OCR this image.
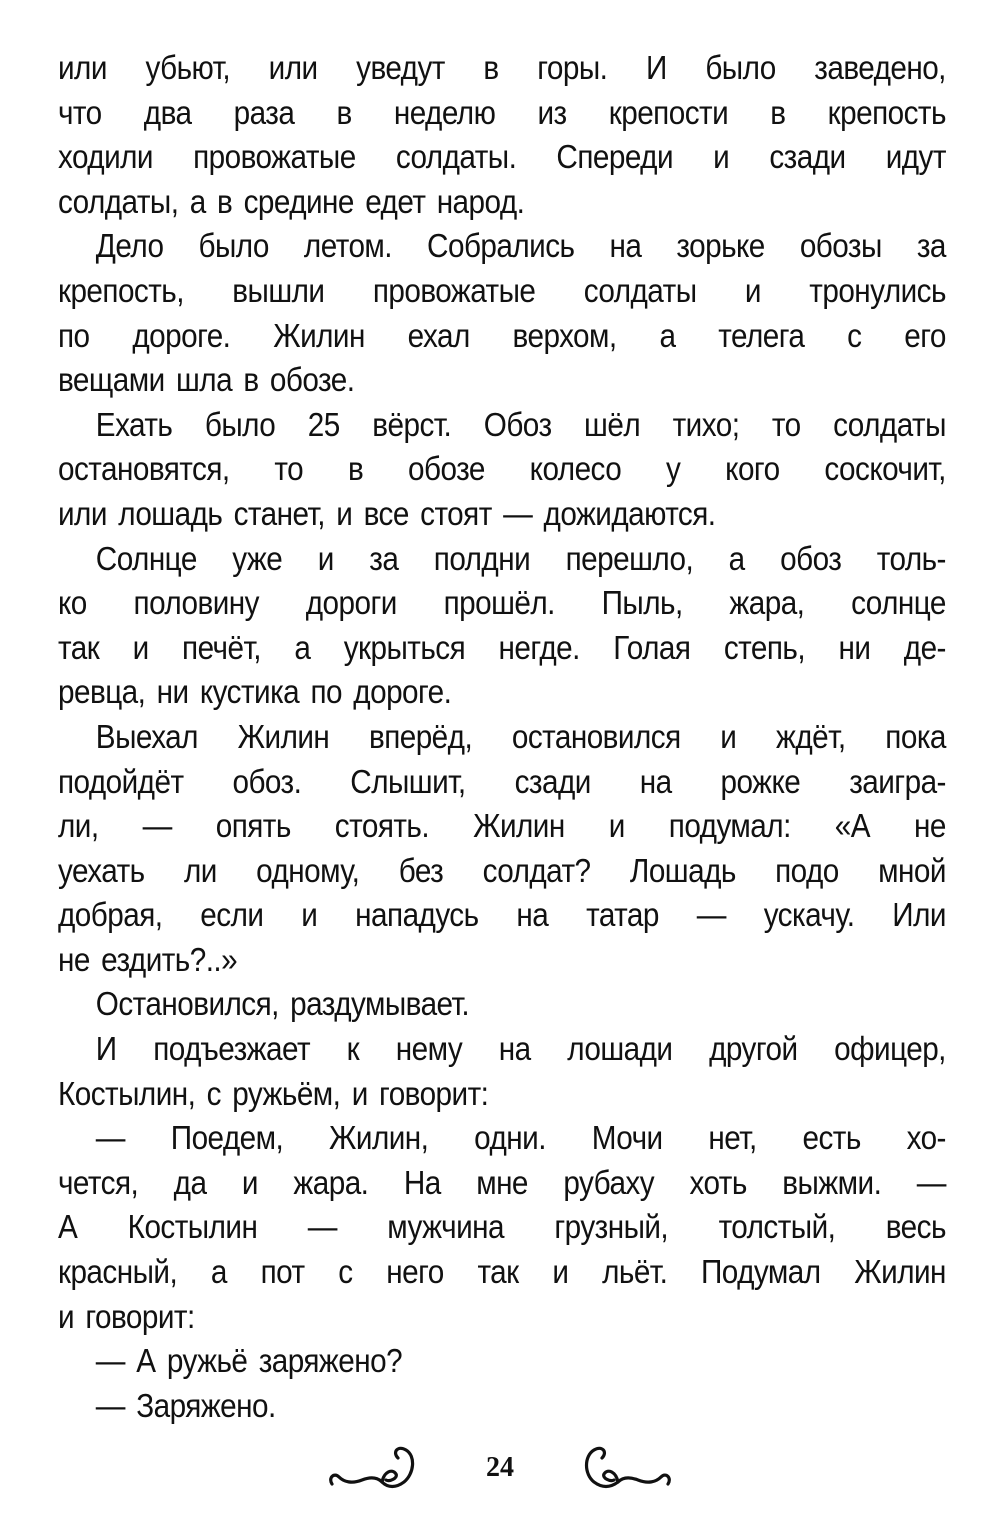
или убьют, или уведут в горы. И было заведено,
что два раза в неделю из крепости в крепость
ходили провожатые солдаты. Спереди и сзади идут
солдаты, а в средине едет народ.
Дело было летом. Собрались на зорьке обозы за
крепость, вышли провожатые солдаты и тронулись
по дороге. Жилин ехал верхом, а телега с его
вещами шла в обозе.
Ехать было 25 вёрст. Обоз шёл тихо; то солдаты
остановятся, то в обозе колесо у кого соскочит,
или лошадь станет, и все стоят — дожидаются.
Солнце уже и за полдни перешло, а обоз толь-
ко половину дороги прошёл. Пыль, жара, солнце
так и печёт, а укрыться негде. Голая степь, ни де-
ревца, ни кустика по дороге.
Выехал Жилин вперёд, остановился и ждёт, пока
подойдёт обоз. Слышит, сзади на рожке заигра-
ли, — опять стоять. Жилин и подумал: «А не
уехать ли одному, без солдат? Лошадь подо мной
добрая, если и нападусь на татар — ускачу. Или
не ездить?..»
Остановился, раздумывает.
И подъезжает к нему на лошади другой офицер,
Костылин, с ружьём, и говорит:
— Поедем, Жилин, одни. Мочи нет, есть хо-
чется, да и жара. На мне рубаху хоть выжми. —
А Костылин — мужчина грузный, толстый, весь
красный, а пот с него так и льёт. Подумал Жилин
и говорит:
— А ружьё заряжено?
— Заряжено.
24
